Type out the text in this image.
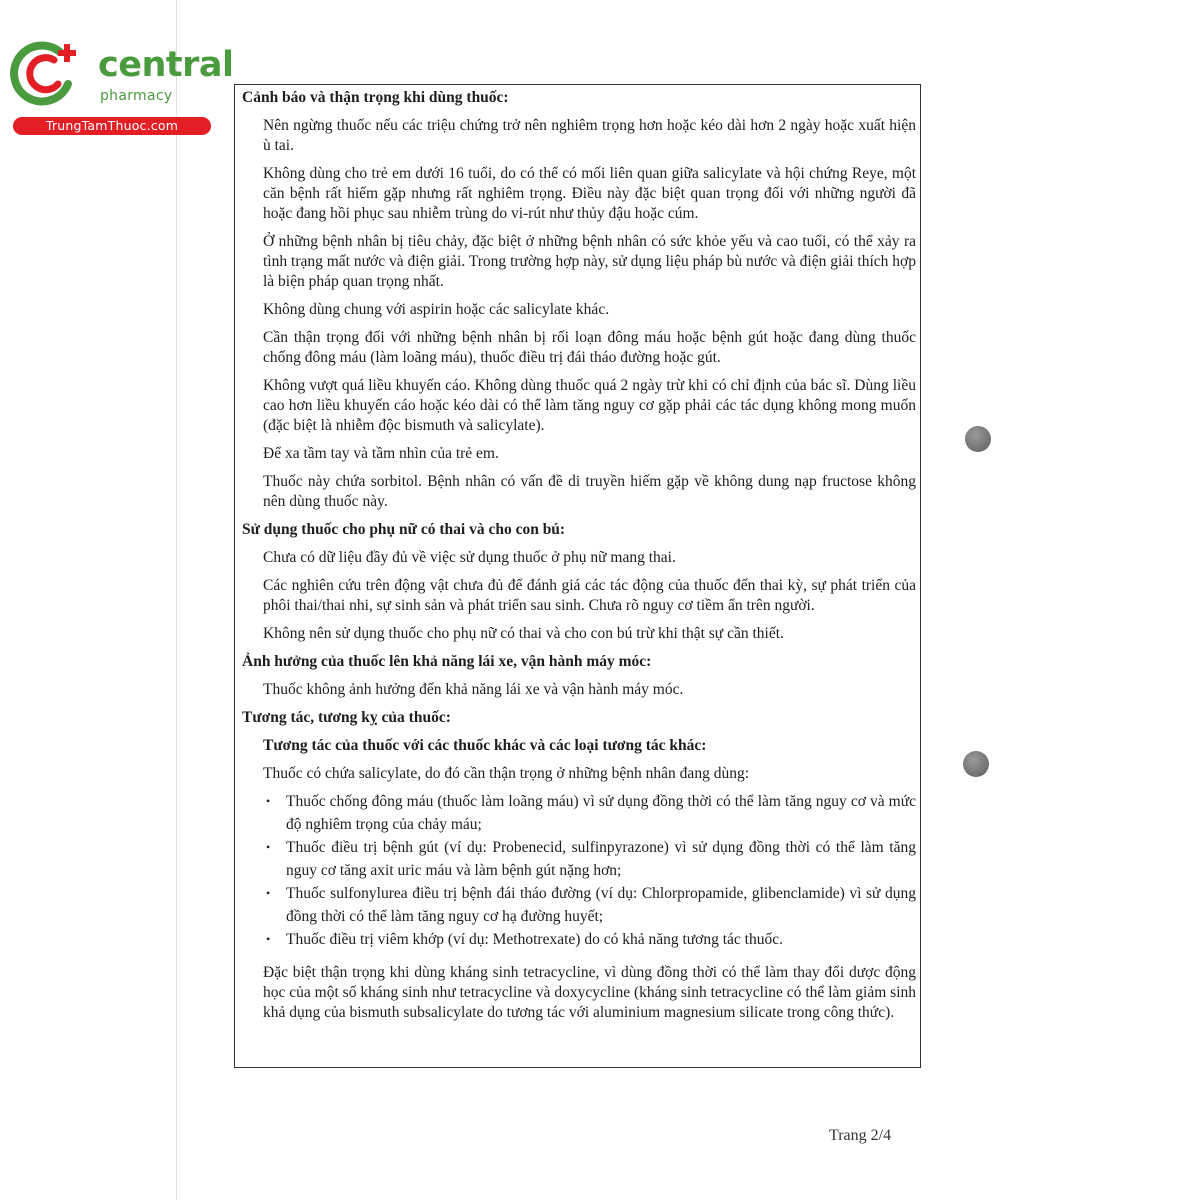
central
pharmacy
TrungTamThuoc.com

Cảnh báo và thận trọng khi dùng thuốc:

Nên ngừng thuốc nếu các triệu chứng trở nên nghiêm trọng hơn hoặc kéo dài hơn 2 ngày hoặc xuất hiện ù tai.

Không dùng cho trẻ em dưới 16 tuổi, do có thể có mối liên quan giữa salicylate và hội chứng Reye, một căn bệnh rất hiếm gặp nhưng rất nghiêm trọng. Điều này đặc biệt quan trọng đối với những người đã hoặc đang hồi phục sau nhiễm trùng do vi-rút như thủy đậu hoặc cúm.

Ở những bệnh nhân bị tiêu chảy, đặc biệt ở những bệnh nhân có sức khỏe yếu và cao tuổi, có thể xảy ra tình trạng mất nước và điện giải. Trong trường hợp này, sử dụng liệu pháp bù nước và điện giải thích hợp là biện pháp quan trọng nhất.

Không dùng chung với aspirin hoặc các salicylate khác.

Cần thận trọng đối với những bệnh nhân bị rối loạn đông máu hoặc bệnh gút hoặc đang dùng thuốc chống đông máu (làm loãng máu), thuốc điều trị đái tháo đường hoặc gút.

Không vượt quá liều khuyến cáo. Không dùng thuốc quá 2 ngày trừ khi có chỉ định của bác sĩ. Dùng liều cao hơn liều khuyến cáo hoặc kéo dài có thể làm tăng nguy cơ gặp phải các tác dụng không mong muốn (đặc biệt là nhiễm độc bismuth và salicylate).

Để xa tầm tay và tầm nhìn của trẻ em.

Thuốc này chứa sorbitol. Bệnh nhân có vấn đề di truyền hiếm gặp về không dung nạp fructose không nên dùng thuốc này.

Sử dụng thuốc cho phụ nữ có thai và cho con bú:

Chưa có dữ liệu đầy đủ về việc sử dụng thuốc ở phụ nữ mang thai.

Các nghiên cứu trên động vật chưa đủ để đánh giá các tác động của thuốc đến thai kỳ, sự phát triển của phôi thai/thai nhi, sự sinh sản và phát triển sau sinh. Chưa rõ nguy cơ tiềm ẩn trên người.

Không nên sử dụng thuốc cho phụ nữ có thai và cho con bú trừ khi thật sự cần thiết.

Ảnh hưởng của thuốc lên khả năng lái xe, vận hành máy móc:

Thuốc không ảnh hưởng đến khả năng lái xe và vận hành máy móc.

Tương tác, tương kỵ của thuốc:

Tương tác của thuốc với các thuốc khác và các loại tương tác khác:

Thuốc có chứa salicylate, do đó cần thận trọng ở những bệnh nhân đang dùng:

• Thuốc chống đông máu (thuốc làm loãng máu) vì sử dụng đồng thời có thể làm tăng nguy cơ và mức độ nghiêm trọng của chảy máu;
• Thuốc điều trị bệnh gút (ví dụ: Probenecid, sulfinpyrazone) vì sử dụng đồng thời có thể làm tăng nguy cơ tăng axit uric máu và làm bệnh gút nặng hơn;
• Thuốc sulfonylurea điều trị bệnh đái tháo đường (ví dụ: Chlorpropamide, glibenclamide) vì sử dụng đồng thời có thể làm tăng nguy cơ hạ đường huyết;
• Thuốc điều trị viêm khớp (ví dụ: Methotrexate) do có khả năng tương tác thuốc.

Đặc biệt thận trọng khi dùng kháng sinh tetracycline, vì dùng đồng thời có thể làm thay đổi dược động học của một số kháng sinh như tetracycline và doxycycline (kháng sinh tetracycline có thể làm giảm sinh khả dụng của bismuth subsalicylate do tương tác với aluminium magnesium silicate trong công thức).

Trang 2/4
